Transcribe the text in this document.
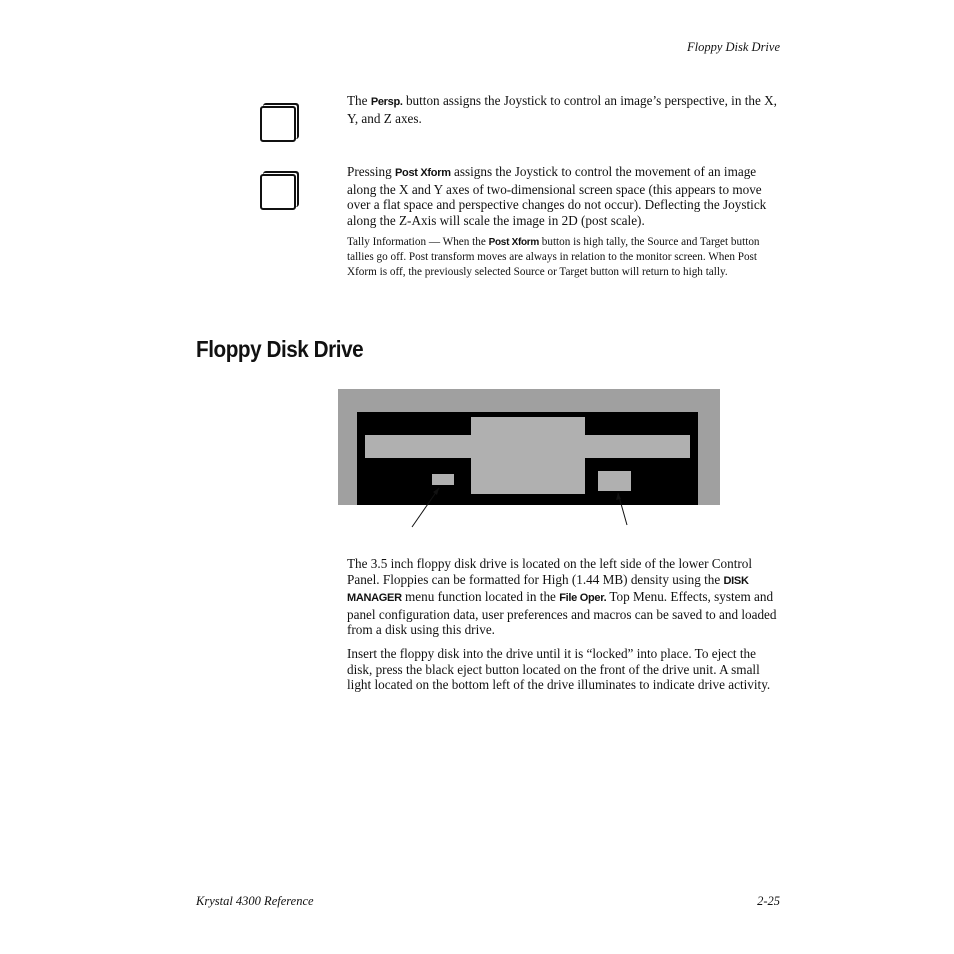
Floppy Disk Drive
The Persp. button assigns the Joystick to control an image’s perspective, in the X, Y, and Z axes.
Pressing Post Xform assigns the Joystick to control the movement of an image along the X and Y axes of two-dimensional screen space (this appears to move over a flat space and perspective changes do not occur). Deflecting the Joystick along the Z-Axis will scale the image in 2D (post scale).
Tally Information — When the Post Xform button is high tally, the Source and Target button tallies go off. Post transform moves are always in relation to the monitor screen. When Post Xform is off, the previously selected Source or Target button will return to high tally.
Floppy Disk Drive
The 3.5 inch floppy disk drive is located on the left side of the lower Control Panel. Floppies can be formatted for High (1.44 MB) density using the DISK MANAGER menu function located in the File Oper. Top Menu. Effects, system and panel configuration data, user preferences and macros can be saved to and loaded from a disk using this drive.
Insert the floppy disk into the drive until it is “locked” into place. To eject the disk, press the black eject button located on the front of the drive unit. A small light located on the bottom left of the drive illuminates to indicate drive activity.
Krystal 4300 Reference	2-25
